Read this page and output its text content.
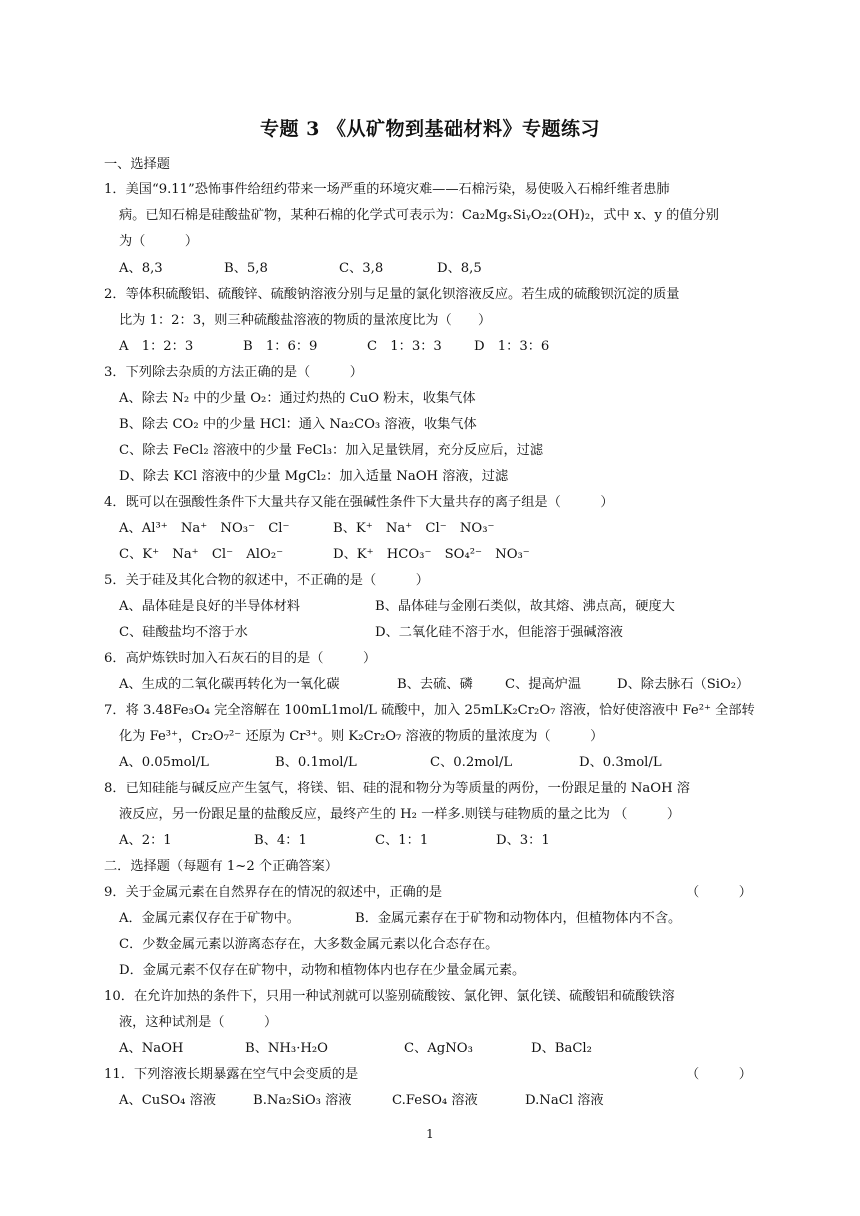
专题 3 《从矿物到基础材料》专题练习
一、选择题
1．美国“9.11”恐怖事件给纽约带来一场严重的环境灾难——石棉污染，易使吸入石棉纤维者患肺
病。已知石棉是硅酸盐矿物，某种石棉的化学式可表示为：Ca₂MgₓSiᵧO₂₂(OH)₂，式中 x、y 的值分别
为（　　　）
A、8,3	B、5,8	C、3,8	D、8,5
2．等体积硫酸铝、硫酸锌、硫酸钠溶液分别与足量的氯化钡溶液反应。若生成的硫酸钡沉淀的质量
比为 1：2：3，则三种硫酸盐溶液的物质的量浓度比为（　　）
A　1：2：3	B　1：6：9	C　1：3：3 D　1：3：6
3．下列除去杂质的方法正确的是（　　　）
A、除去 N₂ 中的少量 O₂：通过灼热的 CuO 粉末，收集气体
B、除去 CO₂ 中的少量 HCl：通入 Na₂CO₃ 溶液，收集气体
C、除去 FeCl₂ 溶液中的少量 FeCl₃：加入足量铁屑，充分反应后，过滤
D、除去 KCl 溶液中的少量 MgCl₂：加入适量 NaOH 溶液，过滤
4．既可以在强酸性条件下大量共存又能在强碱性条件下大量共存的离子组是（　　　）
A、Al³⁺　Na⁺　NO₃⁻　Cl⁻	B、K⁺　Na⁺　Cl⁻　NO₃⁻
C、K⁺　Na⁺　Cl⁻　AlO₂⁻	D、K⁺　HCO₃⁻　SO₄²⁻　NO₃⁻
5．关于硅及其化合物的叙述中，不正确的是（　　　）
A、晶体硅是良好的半导体材料	B、晶体硅与金刚石类似，故其熔、沸点高，硬度大
C、硅酸盐均不溶于水	D、二氧化硅不溶于水，但能溶于强碱溶液
6．高炉炼铁时加入石灰石的目的是（　　　）
A、生成的二氧化碳再转化为一氧化碳	B、去硫、磷 C、提高炉温	D、除去脉石（SiO₂）
7．将 3.48Fe₃O₄ 完全溶解在 100mL1mol/L 硫酸中，加入 25mLK₂Cr₂O₇ 溶液，恰好使溶液中 Fe²⁺ 全部转
化为 Fe³⁺，Cr₂O₇²⁻ 还原为 Cr³⁺。则 K₂Cr₂O₇ 溶液的物质的量浓度为（　　　）
A、0.05mol/L	B、0.1mol/L	C、0.2mol/L	D、0.3mol/L
8．已知硅能与碱反应产生氢气，将镁、铝、硅的混和物分为等质量的两份，一份跟足量的 NaOH 溶
液反应，另一份跟足量的盐酸反应，最终产生的 H₂ 一样多.则镁与硅物质的量之比为 （　　　）
A、2：1	B、4：1	C、1：1	D、3：1
二．选择题（每题有 1~2 个正确答案）
9．关于金属元素在自然界存在的情况的叙述中，正确的是	（　　　）
A．金属元素仅存在于矿物中。	B．金属元素存在于矿物和动物体内，但植物体内不含。
C．少数金属元素以游离态存在，大多数金属元素以化合态存在。
D．金属元素不仅存在矿物中，动物和植物体内也存在少量金属元素。
10．在允许加热的条件下，只用一种试剂就可以鉴别硫酸铵、氯化钾、氯化镁、硫酸铝和硫酸铁溶
液，这种试剂是（　　　）
A、NaOH	B、NH₃·H₂O	C、AgNO₃	D、BaCl₂
11．下列溶液长期暴露在空气中会变质的是	（　　　）
A、CuSO₄ 溶液	B.Na₂SiO₃ 溶液	C.FeSO₄ 溶液	D.NaCl 溶液
1
